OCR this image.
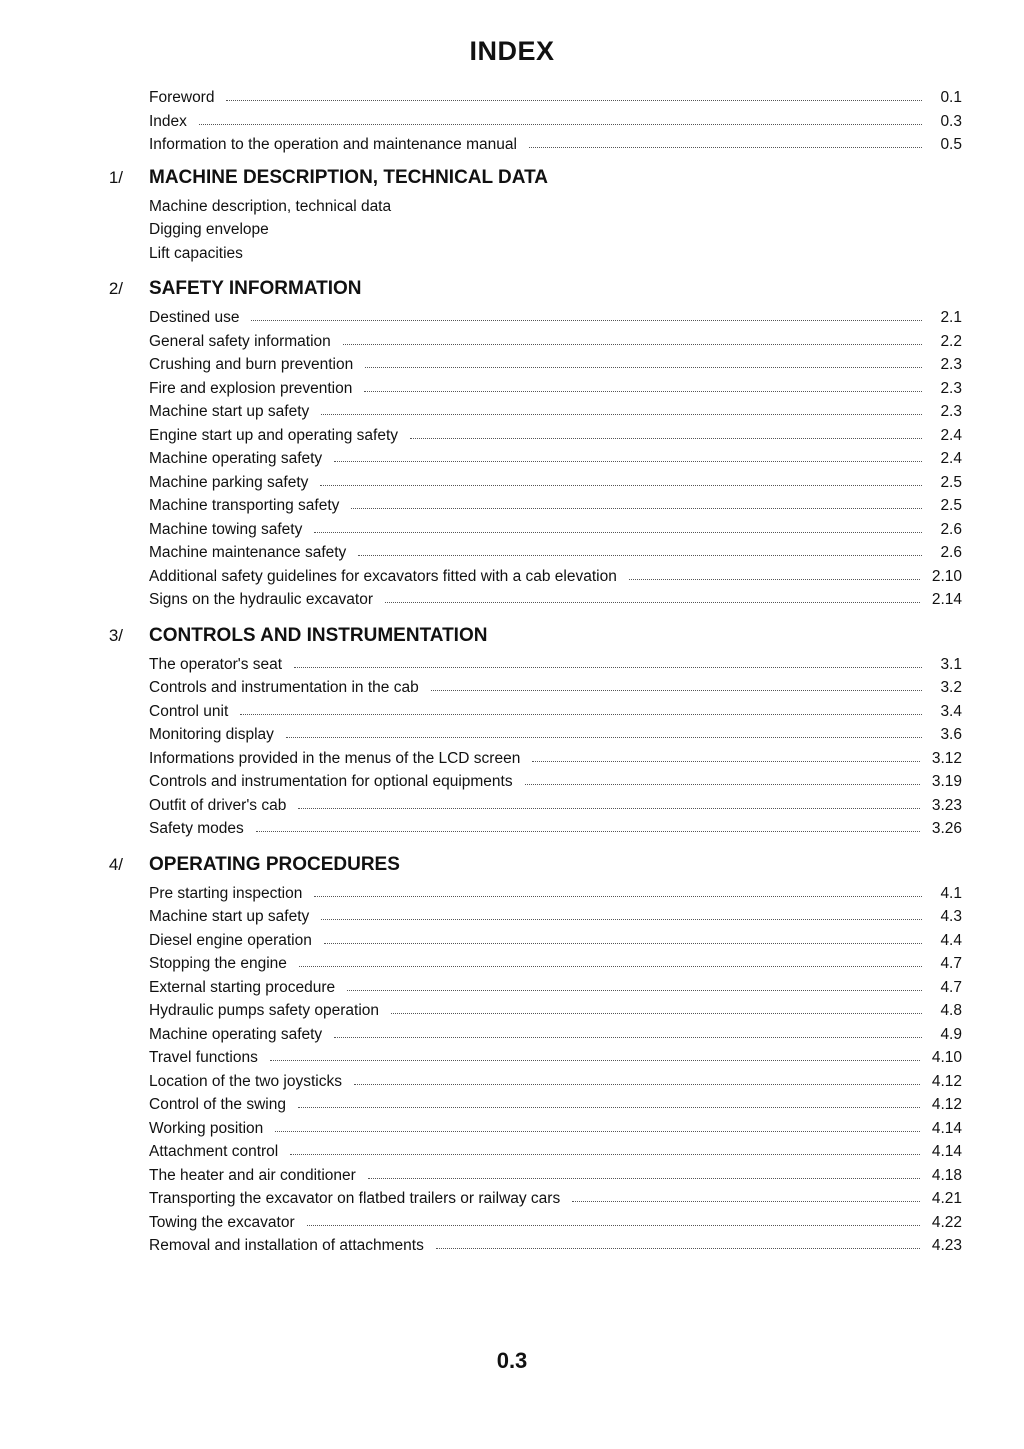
INDEX
Foreword	0.1
Index	0.3
Information to the operation and maintenance manual	0.5
1/	MACHINE DESCRIPTION, TECHNICAL DATA
Machine description, technical data
Digging envelope
Lift capacities
2/	SAFETY INFORMATION
Destined use	2.1
General safety information	2.2
Crushing and burn prevention	2.3
Fire and explosion prevention	2.3
Machine start up safety	2.3
Engine start up and operating safety	2.4
Machine operating safety	2.4
Machine parking safety	2.5
Machine transporting safety	2.5
Machine towing safety	2.6
Machine maintenance safety	2.6
Additional safety guidelines for excavators fitted with a cab elevation	2.10
Signs on the hydraulic excavator	2.14
3/	CONTROLS AND INSTRUMENTATION
The operator's seat	3.1
Controls and instrumentation in the cab	3.2
Control unit	3.4
Monitoring display	3.6
Informations provided in the menus of the LCD screen	3.12
Controls and instrumentation for optional equipments	3.19
Outfit of driver's cab	3.23
Safety modes	3.26
4/	OPERATING PROCEDURES
Pre starting inspection	4.1
Machine start up safety	4.3
Diesel engine operation	4.4
Stopping the engine	4.7
External starting procedure	4.7
Hydraulic pumps safety operation	4.8
Machine operating safety	4.9
Travel functions	4.10
Location of the two joysticks	4.12
Control of the swing	4.12
Working position	4.14
Attachment control	4.14
The heater and air conditioner	4.18
Transporting the excavator on flatbed trailers or railway cars	4.21
Towing the excavator	4.22
Removal and installation of attachments	4.23
0.3
